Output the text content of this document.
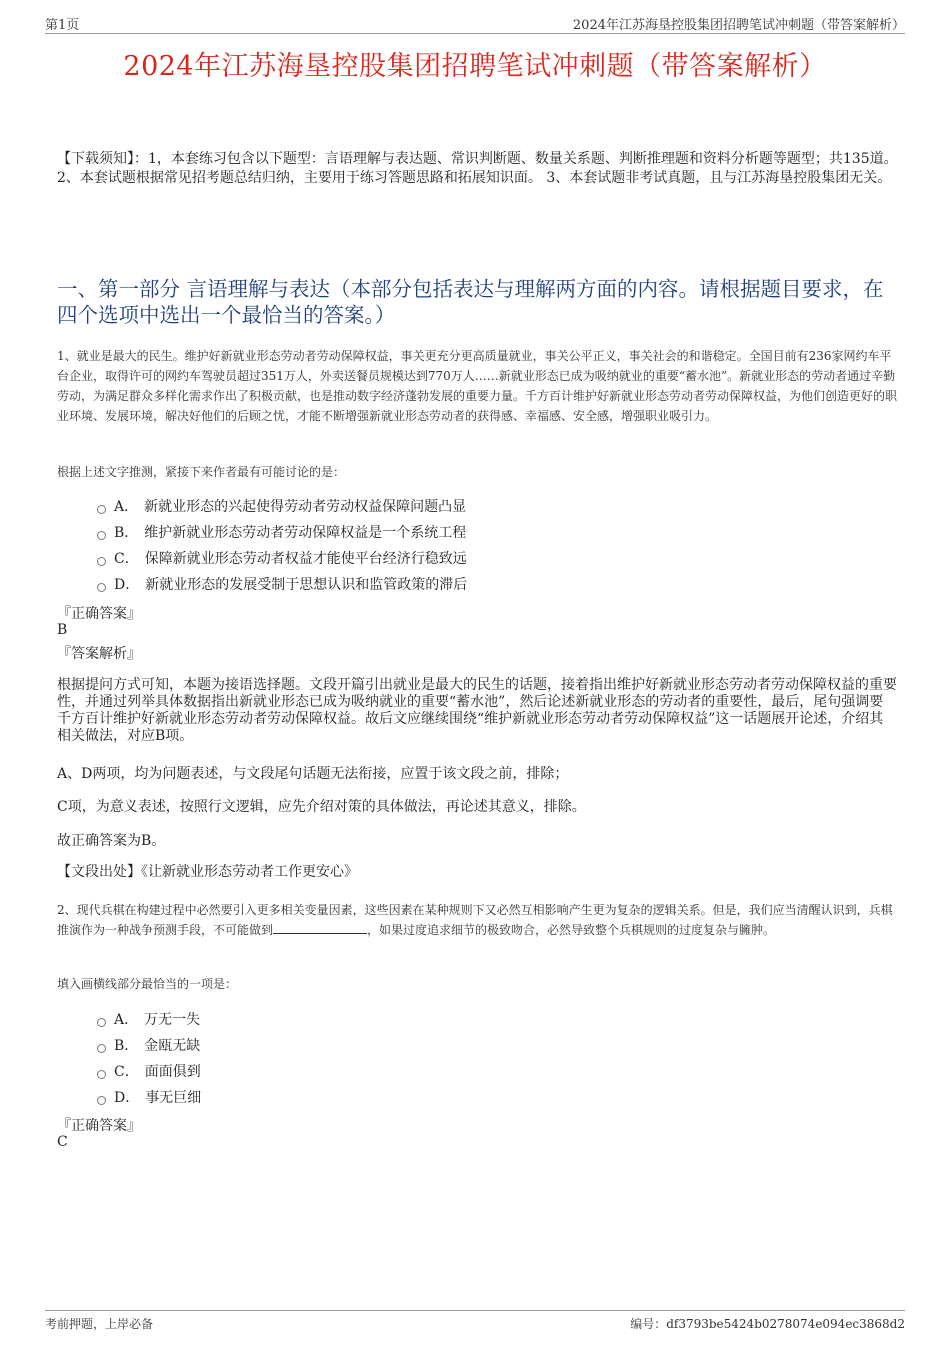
第1页	2024年江苏海垦控股集团招聘笔试冲刺题（带答案解析）
2024年江苏海垦控股集团招聘笔试冲刺题（带答案解析）
【下载须知】：1，本套练习包含以下题型：言语理解与表达题、常识判断题、数量关系题、判断推理题和资料分析题等题型；共135道。 2、本套试题根据常见招考题总结归纳，主要用于练习答题思路和拓展知识面。 3、本套试题非考试真题，且与江苏海垦控股集团无关。
一、第一部分 言语理解与表达（本部分包括表达与理解两方面的内容。请根据题目要求，在四个选项中选出一个最恰当的答案。）
1、就业是最大的民生。维护好新就业形态劳动者劳动保障权益，事关更充分更高质量就业，事关公平正义，事关社会的和谐稳定。全国目前有236家网约车平台企业，取得许可的网约车驾驶员超过351万人，外卖送餐员规模达到770万人……新就业形态已成为吸纳就业的重要“蓄水池”。新就业形态的劳动者通过辛勤劳动，为满足群众多样化需求作出了积极贡献，也是推动数字经济蓬勃发展的重要力量。千方百计维护好新就业形态劳动者劳动保障权益，为他们创造更好的职业环境、发展环境，解决好他们的后顾之忧，才能不断增强新就业形态劳动者的获得感、幸福感、安全感，增强职业吸引力。
根据上述文字推测，紧接下来作者最有可能讨论的是：
A． 新就业形态的兴起使得劳动者劳动权益保障问题凸显
B． 维护新就业形态劳动者劳动保障权益是一个系统工程
C． 保障新就业形态劳动者权益才能使平台经济行稳致远
D． 新就业形态的发展受制于思想认识和监管政策的滞后
『正确答案』
B
『答案解析』
根据提问方式可知，本题为接语选择题。文段开篇引出就业是最大的民生的话题，接着指出维护好新就业形态劳动者劳动保障权益的重要性，并通过列举具体数据指出新就业形态已成为吸纳就业的重要“蓄水池”，然后论述新就业形态的劳动者的重要性，最后，尾句强调要千方百计维护好新就业形态劳动者劳动保障权益。故后文应继续围绕“维护新就业形态劳动者劳动保障权益”这一话题展开论述，介绍其相关做法，对应B项。
A、D两项，均为问题表述，与文段尾句话题无法衔接，应置于该文段之前，排除；
C项，为意义表述，按照行文逻辑，应先介绍对策的具体做法，再论述其意义，排除。
故正确答案为B。
【文段出处】《让新就业形态劳动者工作更安心》
2、现代兵棋在构建过程中必然要引入更多相关变量因素，这些因素在某种规则下又必然互相影响产生更为复杂的逻辑关系。但是，我们应当清醒认识到，兵棋推演作为一种战争预测手段，不可能做到	，如果过度追求细节的极致吻合，必然导致整个兵棋规则的过度复杂与臃肿。
填入画横线部分最恰当的一项是：
A． 万无一失
B． 金瓯无缺
C． 面面俱到
D． 事无巨细
『正确答案』
C
考前押题，上岸必备	编号：df3793be5424b0278074e094ec3868d2
